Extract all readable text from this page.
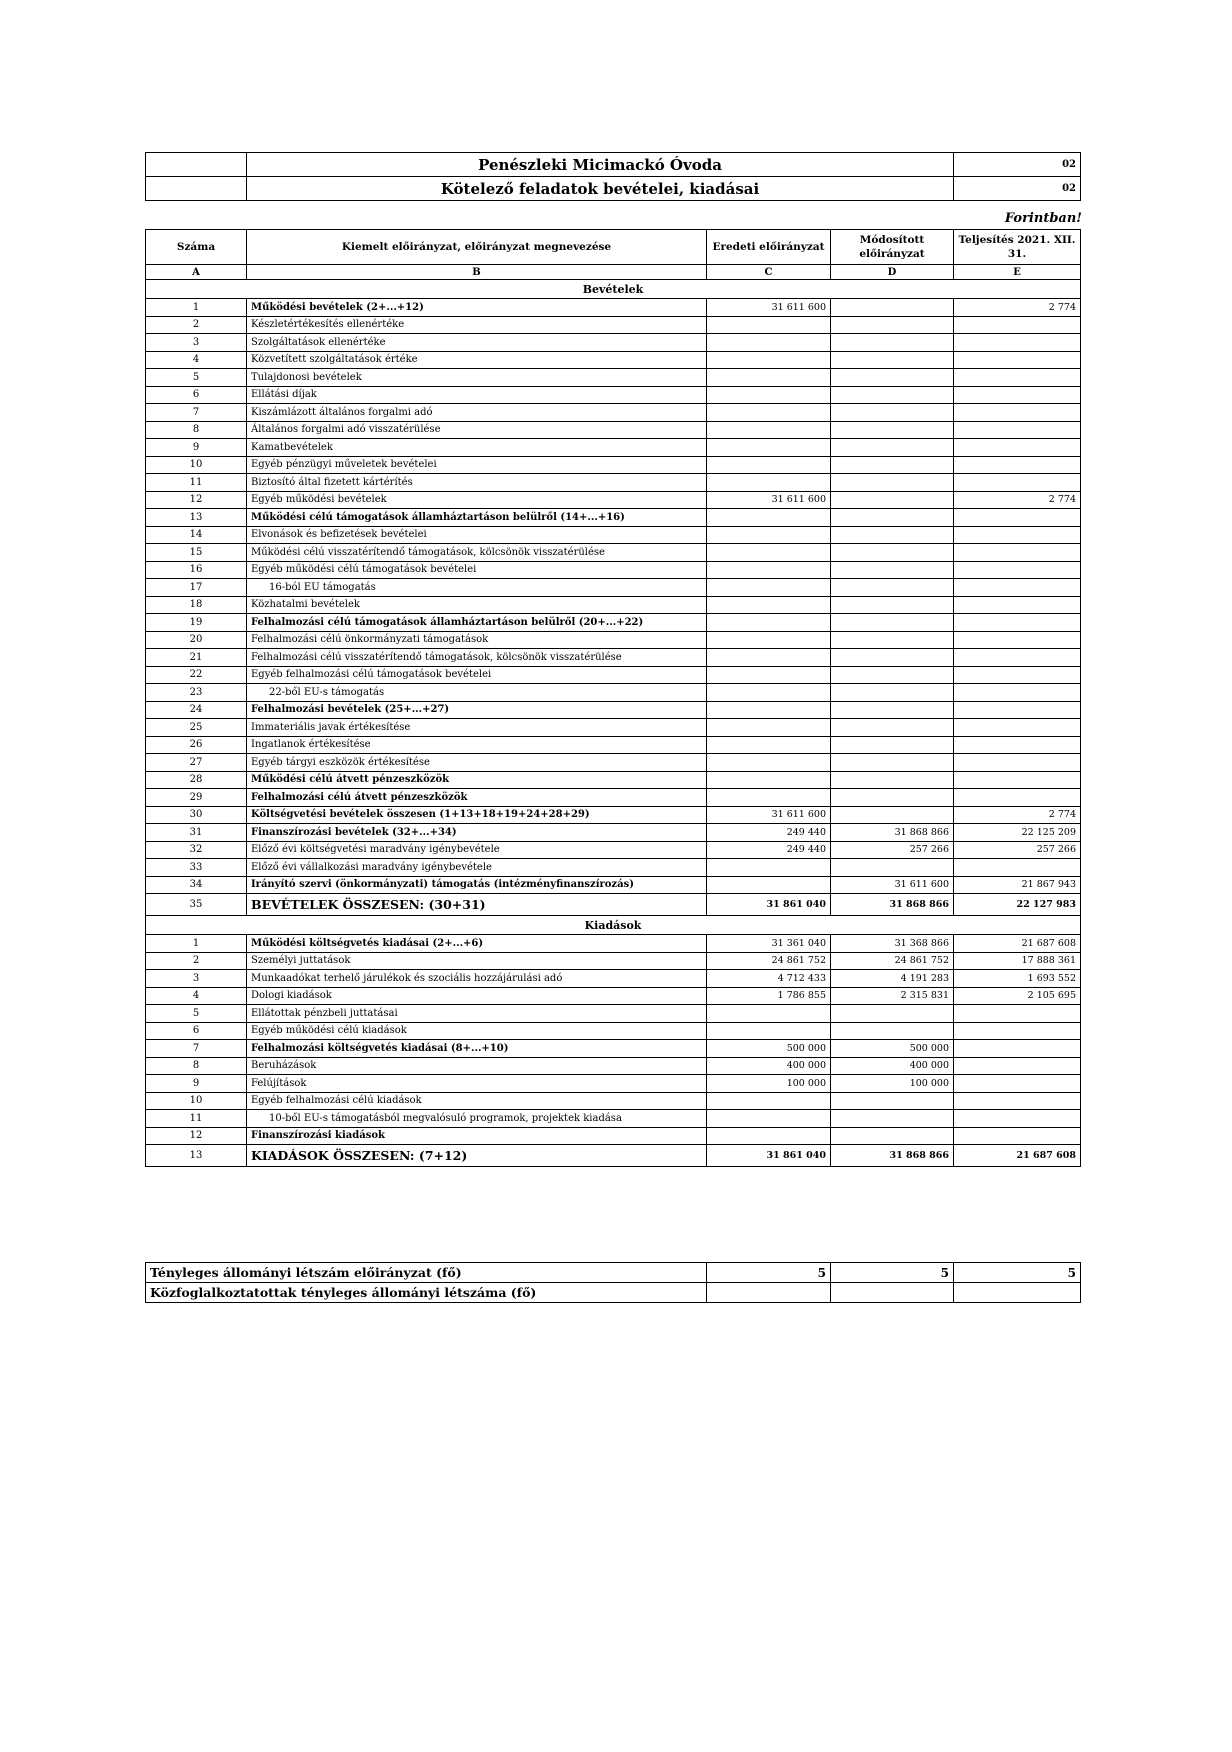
	Penészleki Micimackó Óvoda	02
	Kötelező feladatok bevételei, kiadásai	02
Forintban!
Száma	Kiemelt előirányzat, előirányzat megnevezése	Eredeti előirányzat	Módosított előirányzat	Teljesítés 2021. XII. 31.
A	B	C	D	E
Bevételek				
1	Működési bevételek (2+...+12)	31 611 600		2 774
2	Készletértékesítés ellenértéke			
3	Szolgáltatások ellenértéke			
4	Közvetített szolgáltatások értéke			
5	Tulajdonosi bevételek			
6	Ellátási díjak			
7	Kiszámlázott általános forgalmi adó			
8	Általános forgalmi adó visszatérülése			
9	Kamatbevételek			
10	Egyéb pénzügyi műveletek bevételei			
11	Biztosító által fizetett kártérítés			
12	Egyéb működési bevételek	31 611 600		2 774
13	Működési célú támogatások államháztartáson belülről (14+...+16)			
14	Elvonások és befizetések bevételei			
15	Működési célú visszatérítendő támogatások, kölcsönök visszatérülése			
16	Egyéb működési célú támogatások bevételei			
17	16-ból EU támogatás			
18	Közhatalmi bevételek			
19	Felhalmozási célú támogatások államháztartáson belülről (20+...+22)			
20	Felhalmozási célú önkormányzati támogatások			
21	Felhalmozási célú visszatérítendő támogatások, kölcsönök visszatérülése			
22	Egyéb felhalmozási célú támogatások bevételei			
23	22-ből EU-s támogatás			
24	Felhalmozási bevételek (25+...+27)			
25	Immateriális javak értékesítése			
26	Ingatlanok értékesítése			
27	Egyéb tárgyi eszközök értékesítése			
28	Működési célú átvett pénzeszközök			
29	Felhalmozási célú átvett pénzeszközök			
30	Költségvetési bevételek összesen (1+13+18+19+24+28+29)	31 611 600		2 774
31	Finanszírozási bevételek (32+...+34)	249 440	31 868 866	22 125 209
32	Előző évi költségvetési maradvány igénybevétele	249 440	257 266	257 266
33	Előző évi vállalkozási maradvány igénybevétele			
34	Irányító szervi (önkormányzati) támogatás (intézményfinanszírozás)		31 611 600	21 867 943
35	BEVÉTELEK ÖSSZESEN: (30+31)	31 861 040	31 868 866	22 127 983
Kiadások				
1	Működési költségvetés kiadásai (2+...+6)	31 361 040	31 368 866	21 687 608
2	Személyi juttatások	24 861 752	24 861 752	17 888 361
3	Munkaadókat terhelő járulékok és szociális hozzájárulási adó	4 712 433	4 191 283	1 693 552
4	Dologi kiadások	1 786 855	2 315 831	2 105 695
5	Ellátottak pénzbeli juttatásai			
6	Egyéb működési célú kiadások			
7	Felhalmozási költségvetés kiadásai (8+...+10)	500 000	500 000	
8	Beruházások	400 000	400 000	
9	Felújítások	100 000	100 000	
10	Egyéb felhalmozási célú kiadások			
11	10-ből EU-s támogatásból megvalósuló programok, projektek kiadása			
12	Finanszírozási kiadások			
13	KIADÁSOK ÖSSZESEN: (7+12)	31 861 040	31 868 866	21 687 608
Tényleges állományi létszám előirányzat (fő)	5	5	5
Közfoglalkoztatottak tényleges állományi létszáma (fő)			
